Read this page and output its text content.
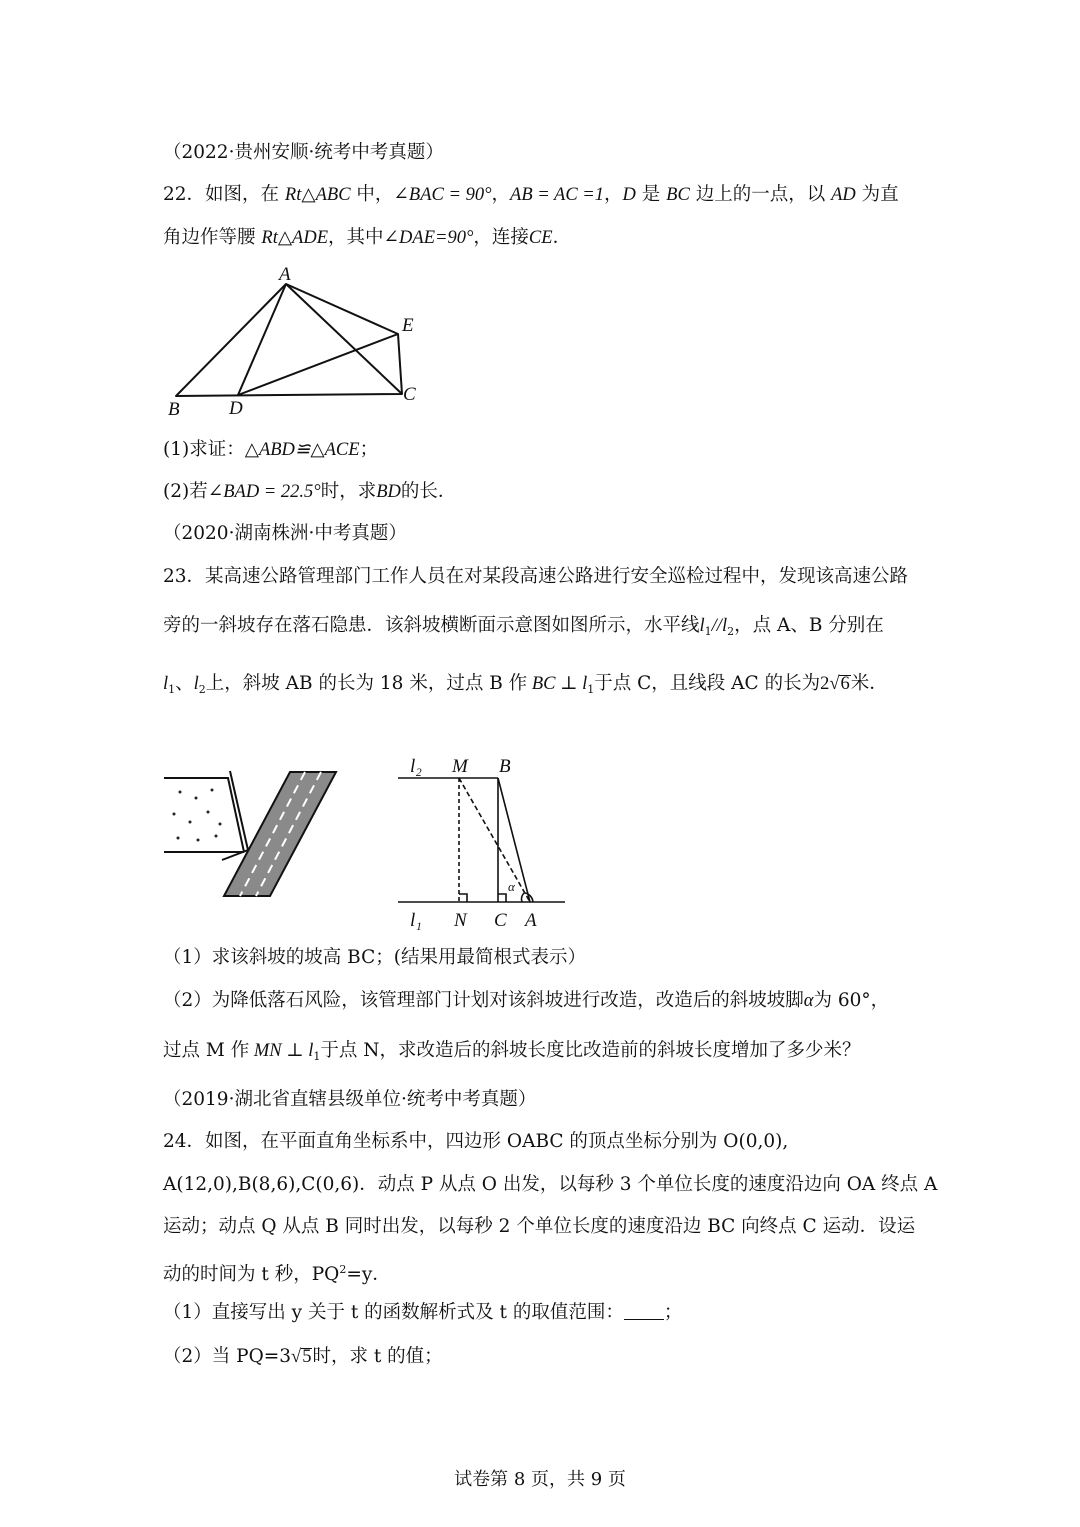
（2022·贵州安顺·统考中考真题）

22．如图，在 Rt△ABC 中，∠BAC = 90°，AB = AC =1，D 是 BC 边上的一点，以 AD 为直

角边作等腰 Rt△ADE，其中∠DAE=90°，连接CE．

A
E
B	D
C

(1)求证：△ABD≌△ACE；

(2)若∠BAD = 22.5°时，求BD的长．

（2020·湖南株洲·中考真题）

23．某高速公路管理部门工作人员在对某段高速公路进行安全巡检过程中，发现该高速公路

旁的一斜坡存在落石隐患．该斜坡横断面示意图如图所示，水平线$l_1//l_2$，点 A、B 分别在

$l_1$、$l_2$上，斜坡 AB 的长为 18 米，过点 B 作 BC ⊥ $l_1$于点 C，且线段 AC 的长为2√6米．

l₂ M B
α
l₁ N C A

（1）求该斜坡的坡高 BC；(结果用最简根式表示）

（2）为降低落石风险，该管理部门计划对该斜坡进行改造，改造后的斜坡坡脚α为 60°，

过点 M 作 MN ⊥ $l_1$于点 N，求改造后的斜坡长度比改造前的斜坡长度增加了多少米？

（2019·湖北省直辖县级单位·统考中考真题）

24．如图，在平面直角坐标系中，四边形 OABC 的顶点坐标分别为 O(0,0),

A(12,0),B(8,6),C(0,6)．动点 P 从点 O 出发，以每秒 3 个单位长度的速度沿边向 OA 终点 A

运动；动点 Q 从点 B 同时出发，以每秒 2 个单位长度的速度沿边 BC 向终点 C 运动．设运

动的时间为 t 秒，$PQ^2=y$．

（1）直接写出 y 关于 t 的函数解析式及 t 的取值范围： ；

（2）当 PQ=3√5时，求 t 的值；

试卷第 8 页，共 9 页
